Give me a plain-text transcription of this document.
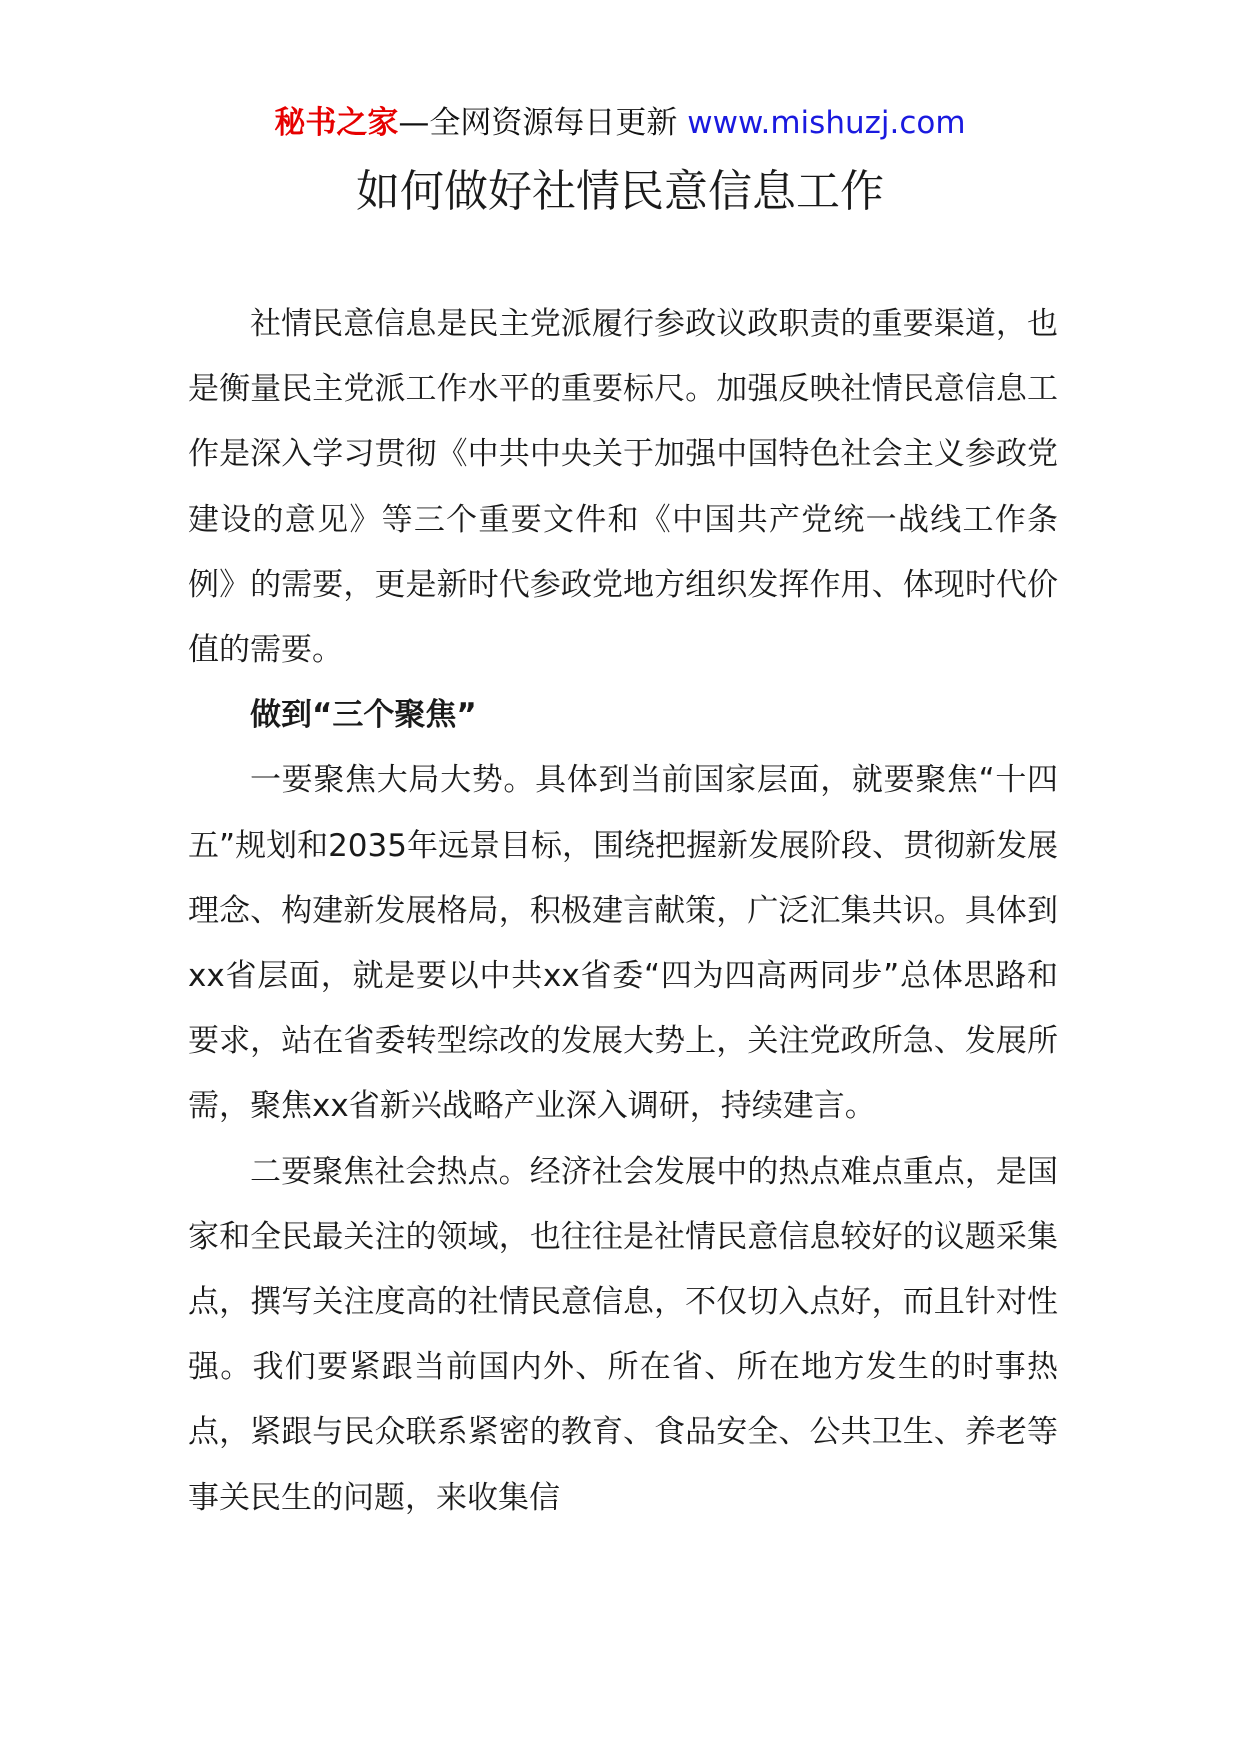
秘书之家—全网资源每日更新 www.mishuzj.com
如何做好社情民意信息工作

社情民意信息是民主党派履行参政议政职责的重要渠道，也是衡量民主党派工作水平的重要标尺。加强反映社情民意信息工作是深入学习贯彻《中共中央关于加强中国特色社会主义参政党建设的意见》等三个重要文件和《中国共产党统一战线工作条例》的需要，更是新时代参政党地方组织发挥作用、体现时代价值的需要。

做到“三个聚焦”

一要聚焦大局大势。具体到当前国家层面，就要聚焦“十四五”规划和2035年远景目标，围绕把握新发展阶段、贯彻新发展理念、构建新发展格局，积极建言献策，广泛汇集共识。具体到xx省层面，就是要以中共xx省委“四为四高两同步”总体思路和要求，站在省委转型综改的发展大势上，关注党政所急、发展所需，聚焦xx省新兴战略产业深入调研，持续建言。

二要聚焦社会热点。经济社会发展中的热点难点重点，是国家和全民最关注的领域，也往往是社情民意信息较好的议题采集点，撰写关注度高的社情民意信息，不仅切入点好，而且针对性强。我们要紧跟当前国内外、所在省、所在地方发生的时事热点，紧跟与民众联系紧密的教育、食品安全、公共卫生、养老等事关民生的问题，来收集信
